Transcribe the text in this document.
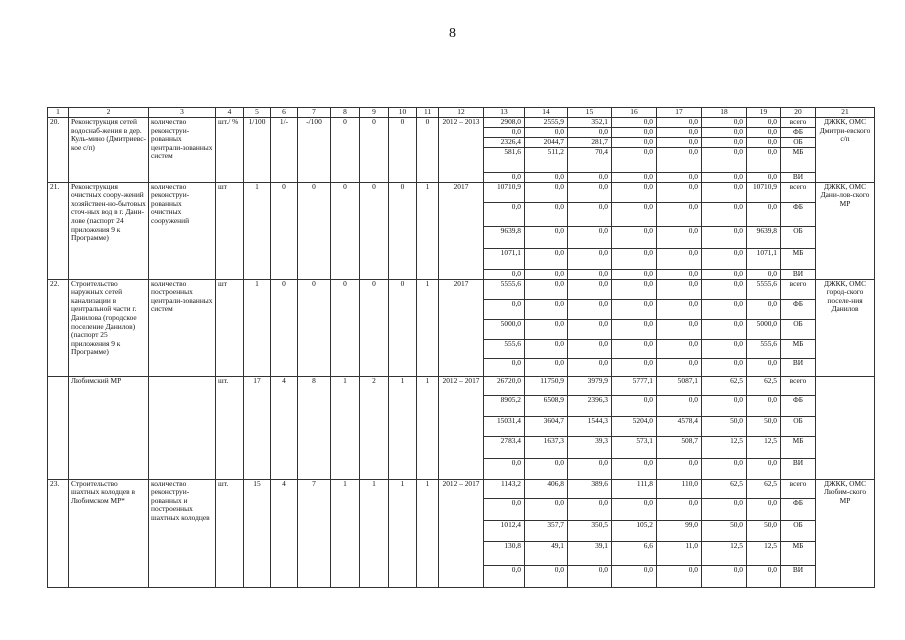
8
1	2	3	4	5	6	7	8	9	10	11	12	13	14	15	16	17	18	19	20	21
20.	Реконструкция сетей водоснаб-жения в дер. Куль-мино (Дмитриевс-кое с/п)	количество реконструи-рованных централи-зованных систем	шт./ %	1/100	1/-	-/100	0	0	0	0	2012 – 2013	2908,0	2555,9	352,1	0,0	0,0	0,0	0,0	всего	ДЖКК, ОМС Дмитри-евского с/п
												0,0	0,0	0,0	0,0	0,0	0,0	0,0	ФБ	
												2326,4	2044,7	281,7	0,0	0,0	0,0	0,0	ОБ	
												581,6	511,2	70,4	0,0	0,0	0,0	0,0	МБ	
												0,0	0,0	0,0	0,0	0,0	0,0	0,0	ВИ	
21.	Реконструкция очистных соору-жений хозяйствен-но-бытовых сточ-ных вод в г. Дани-лове (паспорт 24 приложения 9 к Программе)	количество реконструи-рованных очистных сооружений	шт	1	0	0	0	0	0	1	2017	10710,9	0,0	0,0	0,0	0,0	0,0	10710,9	всего	ДЖКК, ОМС Дани-лов-ского МР
												0,0	0,0	0,0	0,0	0,0	0,0	0,0	ФБ	
												9639,8	0,0	0,0	0,0	0,0	0,0	9639,8	ОБ	
												1071,1	0,0	0,0	0,0	0,0	0,0	1071,1	МБ	
												0,0	0,0	0,0	0,0	0,0	0,0	0,0	ВИ	
22.	Строительство наружных сетей канализации в центральной части г. Данилова (городское поселение Данилов) (паспорт 25 приложения 9 к Программе)	количество построенных централи-зованных систем	шт	1	0	0	0	0	0	1	2017	5555,6	0,0	0,0	0,0	0,0	0,0	5555,6	всего	ДЖКК, ОМС город-ского поселе-ния Данилов
												0,0	0,0	0,0	0,0	0,0	0,0	0,0	ФБ	
												5000,0	0,0	0,0	0,0	0,0	0,0	5000,0	ОБ	
												555,6	0,0	0,0	0,0	0,0	0,0	555,6	МБ	
												0,0	0,0	0,0	0,0	0,0	0,0	0,0	ВИ	
	Любимский МР		шт.	17	4	8	1	2	1	1	2012 – 2017	26720,0	11750,9	3979,9	5777,1	5087,1	62,5	62,5	всего	
												8905,2	6508,9	2396,3	0,0	0,0	0,0	0,0	ФБ	
												15031,4	3604,7	1544,3	5204,0	4578,4	50,0	50,0	ОБ	
												2783,4	1637,3	39,3	573,1	508,7	12,5	12,5	МБ	
												0,0	0,0	0,0	0,0	0,0	0,0	0,0	ВИ	
23.	Строительство шахтных колодцев в Любимском МР*	количество реконструи-рованных и построенных шахтных колодцев	шт.	15	4	7	1	1	1	1	2012 – 2017	1143,2	406,8	389,6	111,8	110,0	62,5	62,5	всего	ДЖКК, ОМС Любим-ского МР
												0,0	0,0	0,0	0,0	0,0	0,0	0,0	ФБ	
												1012,4	357,7	350,5	105,2	99,0	50,0	50,0	ОБ	
												130,8	49,1	39,1	6,6	11,0	12,5	12,5	МБ	
												0,0	0,0	0,0	0,0	0,0	0,0	0,0	ВИ	
